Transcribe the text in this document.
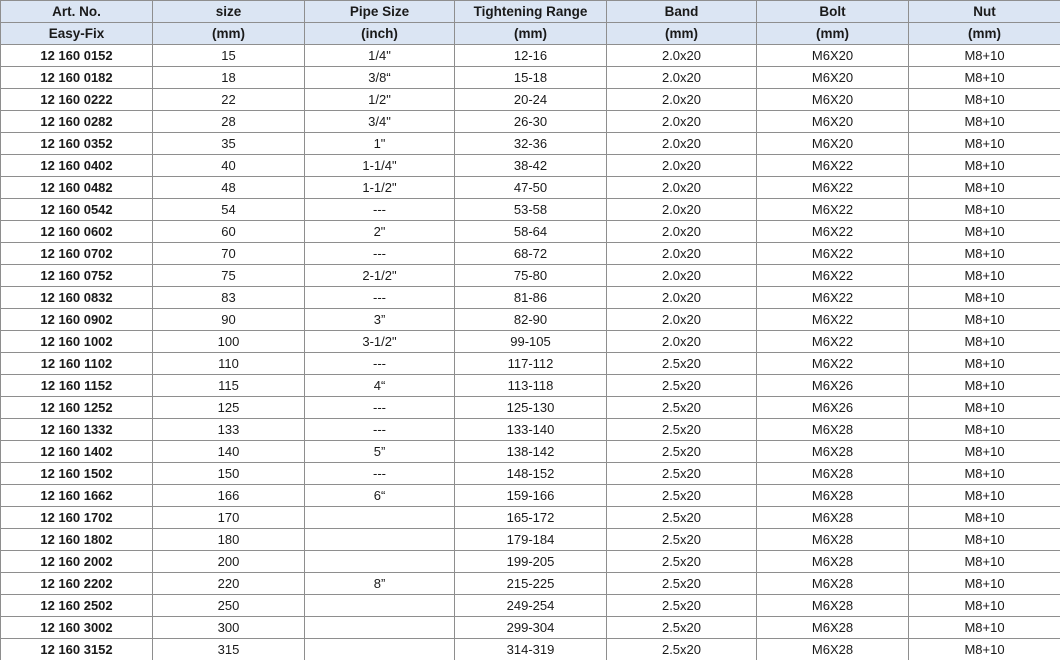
Art. No.	size	Pipe Size	Tightening Range	Band	Bolt	Nut
Easy-Fix	(mm)	(inch)	(mm)	(mm)	(mm)	(mm)
12 160 0152	15	1/4"	12-16	2.0x20	M6X20	M8+10
12 160 0182	18	3/8“	15-18	2.0x20	M6X20	M8+10
12 160 0222	22	1/2"	20-24	2.0x20	M6X20	M8+10
12 160 0282	28	3/4"	26-30	2.0x20	M6X20	M8+10
12 160 0352	35	1"	32-36	2.0x20	M6X20	M8+10
12 160 0402	40	1-1/4"	38-42	2.0x20	M6X22	M8+10
12 160 0482	48	1-1/2"	47-50	2.0x20	M6X22	M8+10
12 160 0542	54	---	53-58	2.0x20	M6X22	M8+10
12 160 0602	60	2"	58-64	2.0x20	M6X22	M8+10
12 160 0702	70	---	68-72	2.0x20	M6X22	M8+10
12 160 0752	75	2-1/2"	75-80	2.0x20	M6X22	M8+10
12 160 0832	83	---	81-86	2.0x20	M6X22	M8+10
12 160 0902	90	3”	82-90	2.0x20	M6X22	M8+10
12 160 1002	100	3-1/2"	99-105	2.0x20	M6X22	M8+10
12 160 1102	110	---	117-112	2.5x20	M6X22	M8+10
12 160 1152	115	4“	113-118	2.5x20	M6X26	M8+10
12 160 1252	125	---	125-130	2.5x20	M6X26	M8+10
12 160 1332	133	---	133-140	2.5x20	M6X28	M8+10
12 160 1402	140	5”	138-142	2.5x20	M6X28	M8+10
12 160 1502	150	---	148-152	2.5x20	M6X28	M8+10
12 160 1662	166	6“	159-166	2.5x20	M6X28	M8+10
12 160 1702	170		165-172	2.5x20	M6X28	M8+10
12 160 1802	180		179-184	2.5x20	M6X28	M8+10
12 160 2002	200		199-205	2.5x20	M6X28	M8+10
12 160 2202	220	8”	215-225	2.5x20	M6X28	M8+10
12 160 2502	250		249-254	2.5x20	M6X28	M8+10
12 160 3002	300		299-304	2.5x20	M6X28	M8+10
12 160 3152	315		314-319	2.5x20	M6X28	M8+10
